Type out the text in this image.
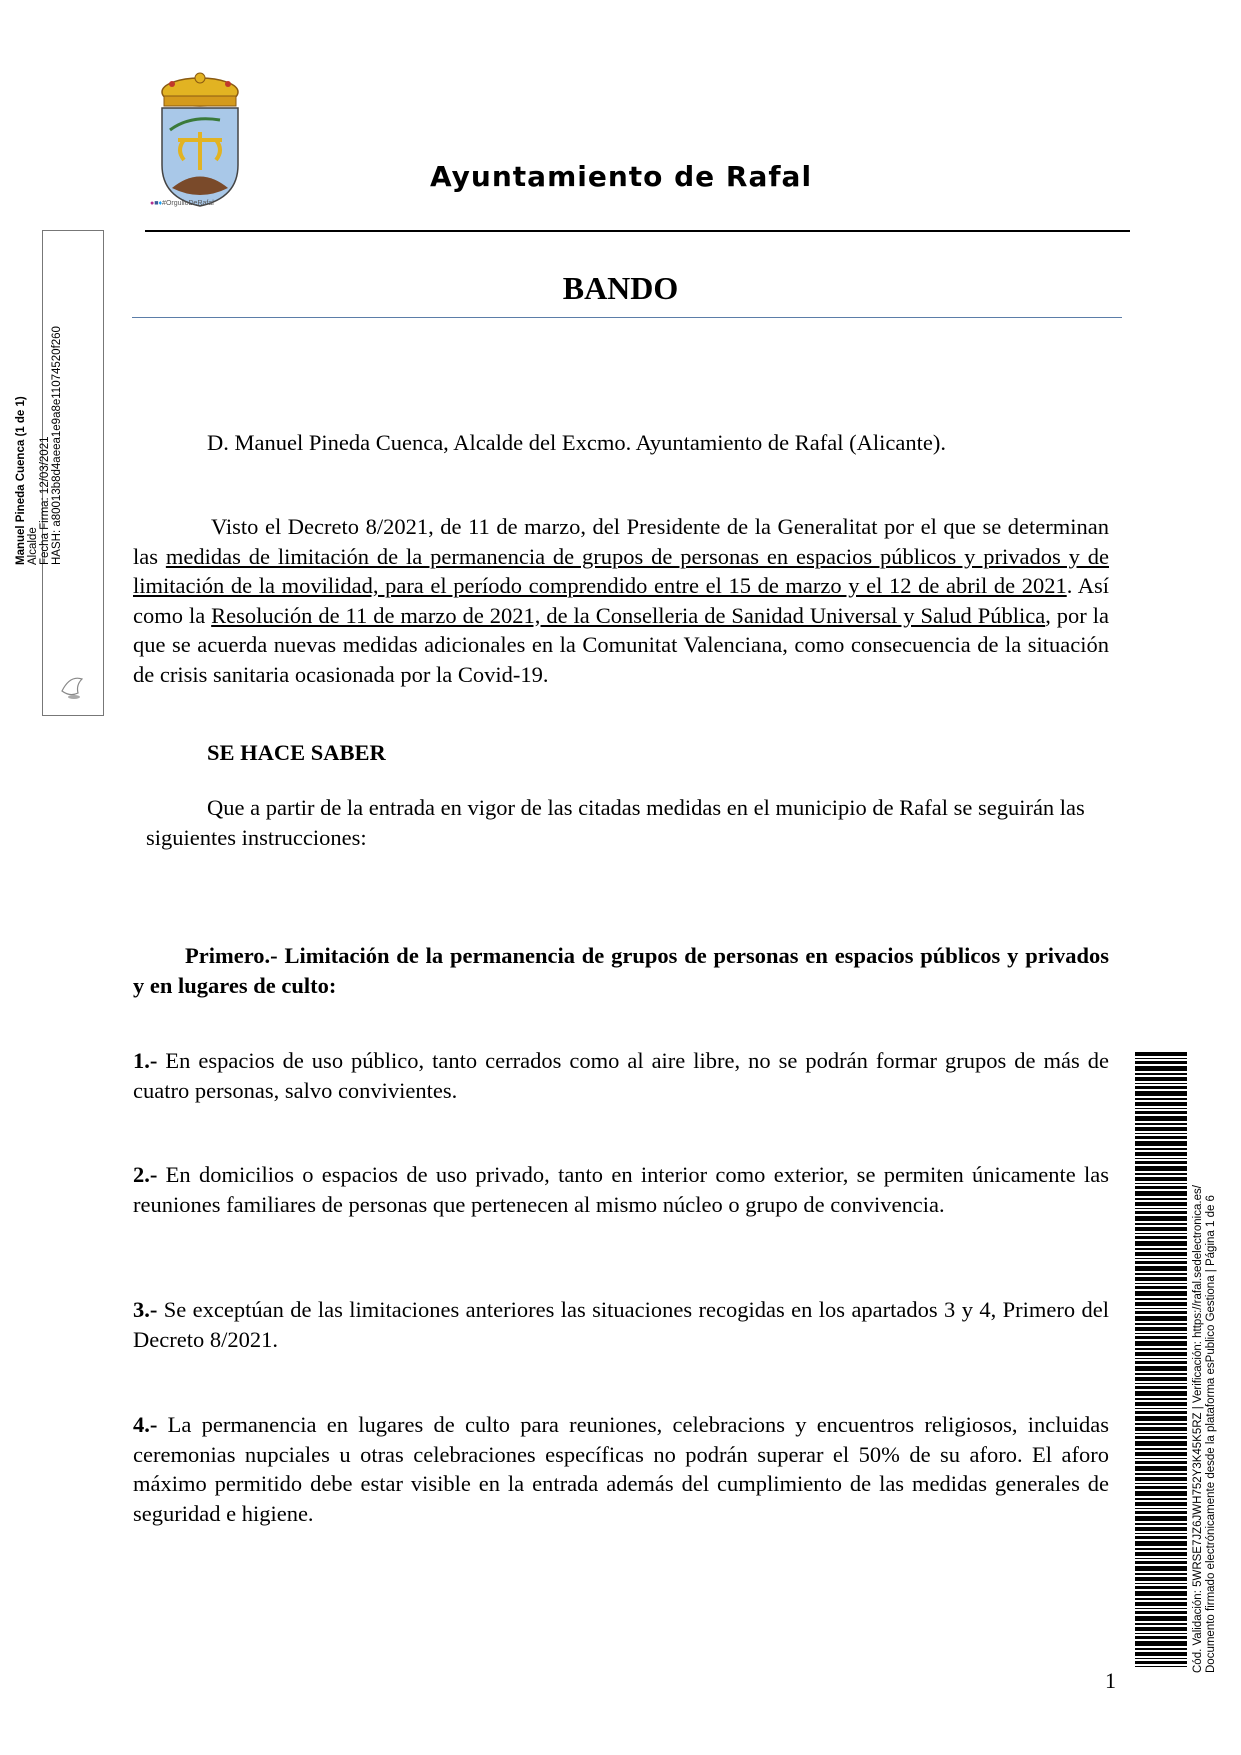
●■♦#OrgulloDeRafal
Ayuntamiento de Rafal
BANDO
Manuel Pineda Cuenca (1 de 1) Alcalde Fecha Firma: 12/03/2021 HASH: a80013b8d4aeea1e9a8e11074520f260	D. Manuel Pineda Cuenca, Alcalde del Excmo. Ayuntamiento de Rafal (Alicante).
Visto el Decreto 8/2021, de 11 de marzo, del Presidente de la Generalitat por el que se determinan las medidas de limitación de la permanencia de grupos de personas en espacios públicos y privados y de limitación de la movilidad, para el período comprendido entre el 15 de marzo y el 12 de abril de 2021. Así como la Resolución de 11 de marzo de 2021, de la Conselleria de Sanidad Universal y Salud Pública, por la que se acuerda nuevas medidas adicionales en la Comunitat Valenciana, como consecuencia de la situación de crisis sanitaria ocasionada por la Covid-19.
SE HACE SABER
Que a partir de la entrada en vigor de las citadas medidas en el municipio de Rafal se seguirán las siguientes instrucciones:
Primero.- Limitación de la permanencia de grupos de personas en espacios públicos y privados y en lugares de culto:
1.- En espacios de uso público, tanto cerrados como al aire libre, no se podrán formar grupos de más de cuatro personas, salvo convivientes.
2.- En domicilios o espacios de uso privado, tanto en interior como exterior, se permiten únicamente las reuniones familiares de personas que pertenecen al mismo núcleo o grupo de convivencia.
3.- Se exceptúan de las limitaciones anteriores las situaciones recogidas en los apartados 3 y 4, Primero del Decreto 8/2021.
4.- La permanencia en lugares de culto para reuniones, celebracions y encuentros religiosos, incluidas ceremonias nupciales u otras celebraciones específicas no podrán superar el 50% de su aforo. El aforo máximo permitido debe estar visible en la entrada además del cumplimiento de las medidas generales de seguridad e higiene.
1
Cód. Validación: 5WRSE7JZ6JWH752Y3K45K5RZ | Verificación: https://rafal.sedelectronica.es/ Documento firmado electrónicamente desde la plataforma esPublico Gestiona | Página 1 de 6
